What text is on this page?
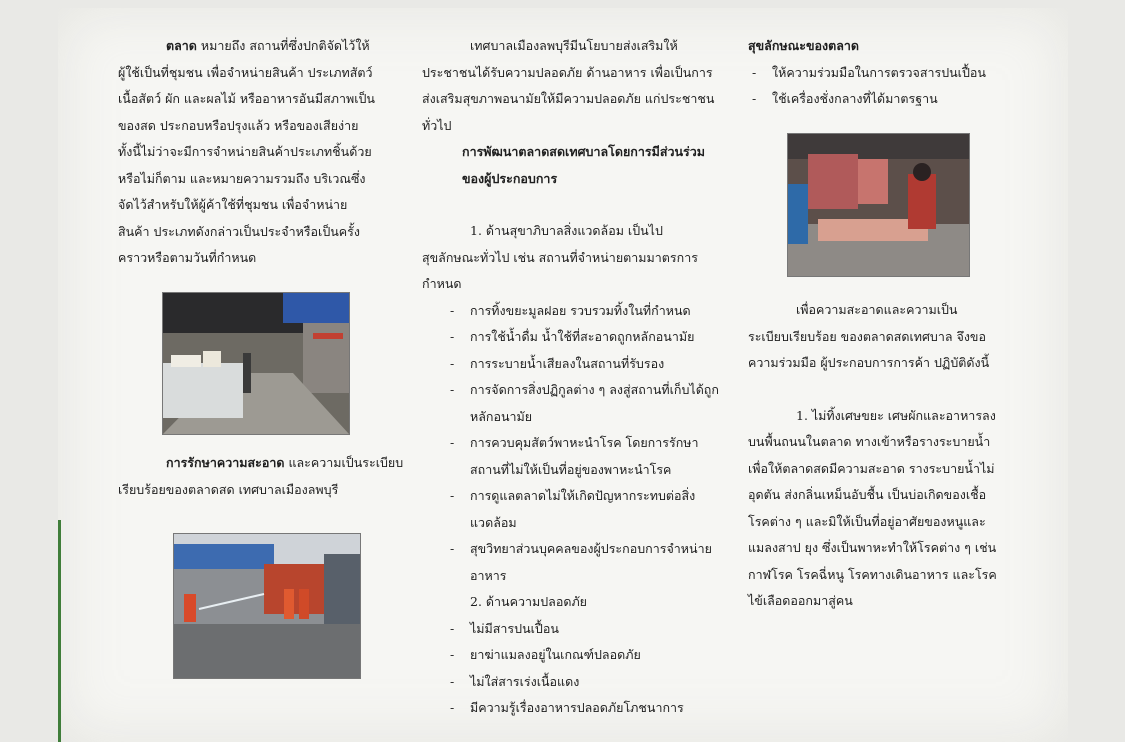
ตลาด หมายถึง สถานที่ซึ่งปกติจัดไว้ให้ผู้ใช้เป็นที่ชุมชน เพื่อจำหน่ายสินค้า ประเภทสัตว์ เนื้อสัตว์ ผัก และผลไม้ หรืออาหารอันมีสภาพเป็นของสด ประกอบหรือปรุงแล้ว หรือของเสียง่าย ทั้งนี้ไม่ว่าจะมีการจำหน่ายสินค้าประเภทชิ้นด้วยหรือไม่ก็ตาม และหมายความรวมถึง บริเวณซึ่งจัดไว้สำหรับให้ผู้ค้าใช้ที่ชุมชน เพื่อจำหน่ายสินค้า ประเภทดังกล่าวเป็นประจำหรือเป็นครั้งคราวหรือตามวันที่กำหนด

การรักษาความสะอาด และความเป็นระเบียบเรียบร้อยของตลาดสด เทศบาลเมืองลพบุรี

เทศบาลเมืองลพบุรีมีนโยบายส่งเสริมให้ประชาชนได้รับความปลอดภัย ด้านอาหาร เพื่อเป็นการส่งเสริมสุขภาพอนามัยให้มีความปลอดภัย แก่ประชาชนทั่วไป

การพัฒนาตลาดสดเทศบาลโดยการมีส่วนร่วมของผู้ประกอบการ

1. ด้านสุขาภิบาลสิ่งแวดล้อม เป็นไป สุขลักษณะทั่วไป เช่น สถานที่จำหน่ายตามมาตรการกำหนด

- การทิ้งขยะมูลฝอย รวบรวมทิ้งในที่กำหนด
- การใช้น้ำดื่ม น้ำใช้ที่สะอาดถูกหลักอนามัย
- การระบายน้ำเสียลงในสถานที่รับรอง
- การจัดการสิ่งปฏิกูลต่าง ๆ ลงสู่สถานที่เก็บได้ถูกหลักอนามัย
- การควบคุมสัตว์พาหะนำโรค โดยการรักษาสถานที่ไม่ให้เป็นที่อยู่ของพาหะนำโรค
- การดูแลตลาดไม่ให้เกิดปัญหากระทบต่อสิ่งแวดล้อม
- สุขวิทยาส่วนบุคคลของผู้ประกอบการจำหน่ายอาหาร

2. ด้านความปลอดภัย

- ไม่มีสารปนเปื้อน
- ยาฆ่าแมลงอยู่ในเกณฑ์ปลอดภัย
- ไม่ใส่สารเร่งเนื้อแดง
- มีความรู้เรื่องอาหารปลอดภัยโภชนาการ

สุขลักษณะของตลาด

- ให้ความร่วมมือในการตรวจสารปนเปื้อน
- ใช้เครื่องชั่งกลางที่ได้มาตรฐาน

เพื่อความสะอาดและความเป็นระเบียบเรียบร้อย ของตลาดสดเทศบาล จึงขอความร่วมมือ ผู้ประกอบการการค้า ปฏิบัติดังนี้

1. ไม่ทิ้งเศษขยะ เศษผักและอาหารลงบนพื้นถนนในตลาด ทางเข้าหรือรางระบายน้ำ เพื่อให้ตลาดสดมีความสะอาด รางระบายน้ำไม่อุดตัน ส่งกลิ่นเหม็นอับชื้น เป็นบ่อเกิดของเชื้อโรคต่าง ๆ และมิให้เป็นที่อยู่อาศัยของหนูและแมลงสาป ยุง ซึ่งเป็นพาหะทำให้โรคต่าง ๆ เช่น กาฬโรค โรคฉี่หนู โรคทางเดินอาหาร และโรคไข้เลือดออกมาสู่คน
